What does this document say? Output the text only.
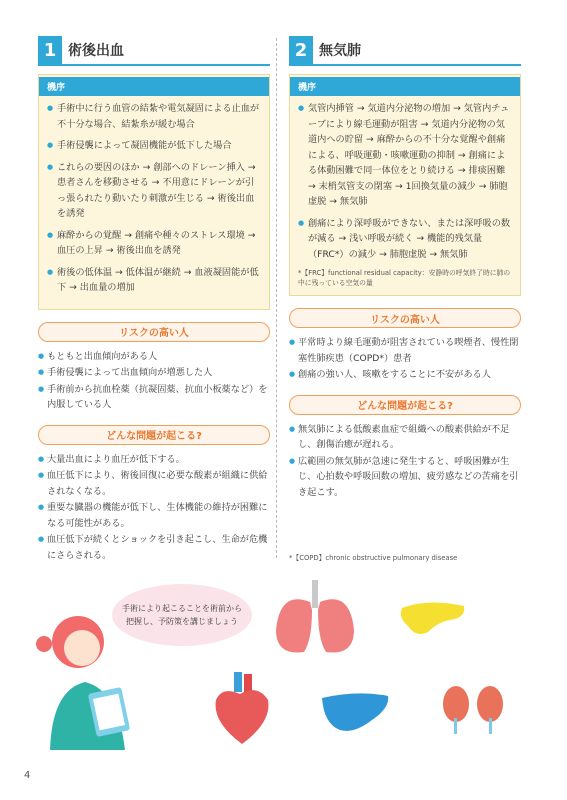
1 術後出血
機序
● 手術中に行う血管の結紮や電気凝固による止血が不十分な場合、結紮糸が緩む場合
● 手術侵襲によって凝固機能が低下した場合
● これらの要因のほか → 創部へのドレーン挿入 → 患者さんを移動させる → 不用意にドレーンが引っ張られたり動いたり刺激が生じる → 術後出血を誘発
● 麻酔からの覚醒 → 創痛や種々のストレス環境 → 血圧の上昇 → 術後出血を誘発
● 術後の低体温 → 低体温が継続 → 血液凝固能が低下 → 出血量の増加
リスクの高い人
● もともと出血傾向がある人
● 手術侵襲によって出血傾向が増悪した人
● 手術前から抗血栓薬（抗凝固薬、抗血小板薬など）を内服している人
どんな問題が起こる?
● 大量出血により血圧が低下する。
● 血圧低下により、術後回復に必要な酸素が組織に供給されなくなる。
● 重要な臓器の機能が低下し、生体機能の維持が困難になる可能性がある。
● 血圧低下が続くとショックを引き起こし、生命が危機にさらされる。
2 無気肺
機序
● 気管内挿管 → 気道内分泌物の増加 → 気管内チューブにより線毛運動が阻害 → 気道内分泌物の気道内への貯留 → 麻酔からの不十分な覚醒や創痛による、呼吸運動・咳嗽運動の抑制 → 創痛による体動困難で同一体位をとり続ける → 排痰困難 → 末梢気管支の閉塞 → 1回換気量の減少 → 肺胞虚脱 → 無気肺
● 創痛により深呼吸ができない、または深呼吸の数が減る → 浅い呼吸が続く → 機能的残気量（FRC*）の減少 → 肺胞虚脱 → 無気肺
*【FRC】functional residual capacity：安静時の呼気終了時に肺の中に残っている空気の量
リスクの高い人
● 平常時より線毛運動が阻害されている喫煙者、慢性閉塞性肺疾患（COPD*）患者
● 創痛の強い人、咳嗽をすることに不安がある人
どんな問題が起こる?
● 無気肺による低酸素血症で組織への酸素供給が不足し、創傷治癒が遅れる。
● 広範囲の無気肺が急速に発生すると、呼吸困難が生じ、心拍数や呼吸回数の増加、疲労感などの苦痛を引き起こす。
*【COPD】chronic obstructive pulmonary disease
手術により起こることを術前から把握し、予防策を講じましょう
4
